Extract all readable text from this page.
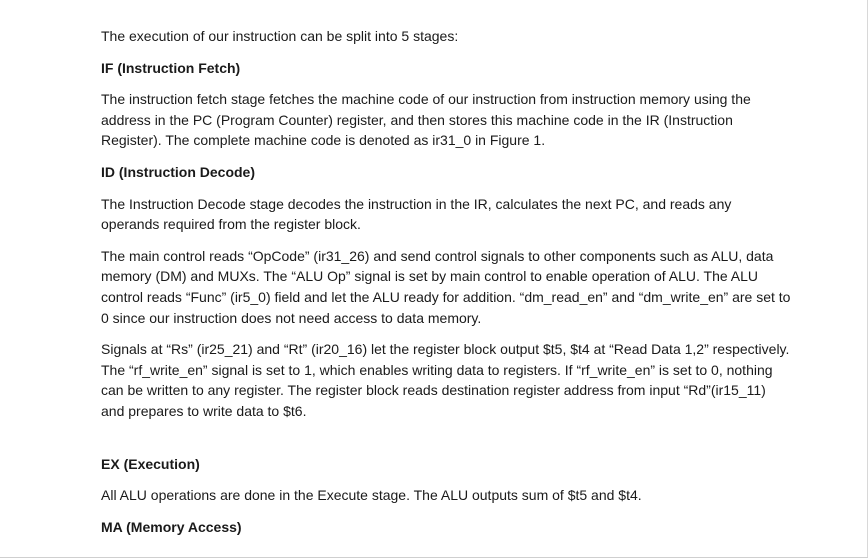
The execution of our instruction can be split into 5 stages:

IF (Instruction Fetch)

The instruction fetch stage fetches the machine code of our instruction from instruction memory using the address in the PC (Program Counter) register, and then stores this machine code in the IR (Instruction Register). The complete machine code is denoted as ir31_0 in Figure 1.

ID (Instruction Decode)

The Instruction Decode stage decodes the instruction in the IR, calculates the next PC, and reads any operands required from the register block.

The main control reads “OpCode” (ir31_26) and send control signals to other components such as ALU, data memory (DM) and MUXs. The “ALU Op” signal is set by main control to enable operation of ALU. The ALU control reads “Func” (ir5_0) field and let the ALU ready for addition. “dm_read_en” and “dm_write_en” are set to 0 since our instruction does not need access to data memory.

Signals at “Rs” (ir25_21) and “Rt” (ir20_16) let the register block output $t5, $t4 at “Read Data 1,2” respectively. The “rf_write_en” signal is set to 1, which enables writing data to registers. If “rf_write_en” is set to 0, nothing can be written to any register. The register block reads destination register address from input “Rd”(ir15_11) and prepares to write data to $t6.

EX (Execution)

All ALU operations are done in the Execute stage. The ALU outputs sum of $t5 and $t4.

MA (Memory Access)
